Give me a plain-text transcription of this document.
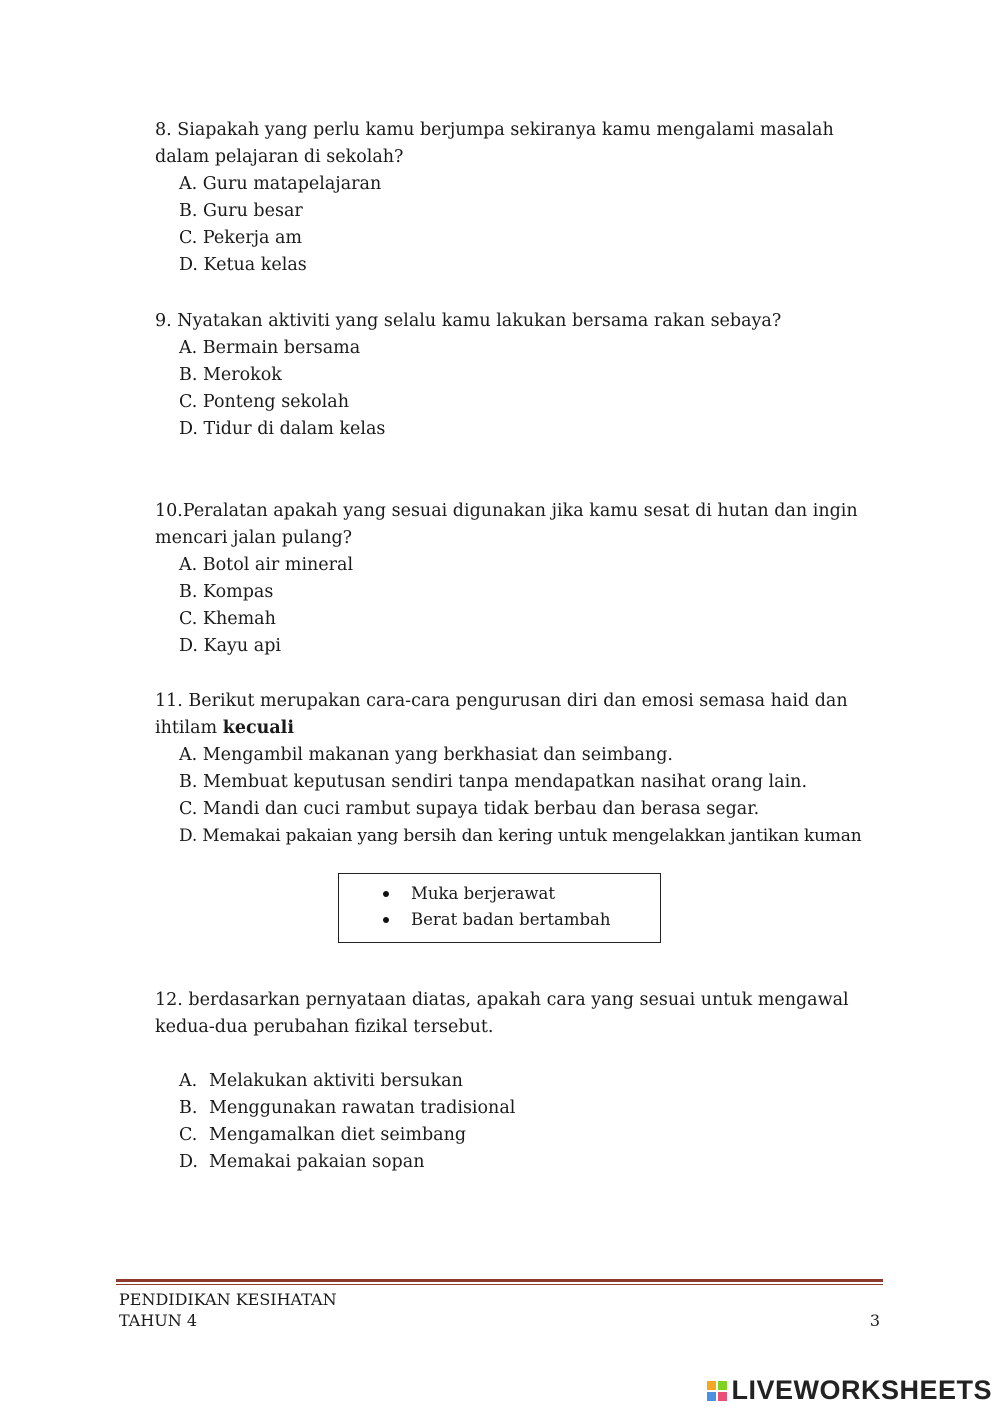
8. Siapakah yang perlu kamu berjumpa sekiranya kamu mengalami masalah dalam pelajaran di sekolah?

A. Guru matapelajaran

B. Guru besar

C. Pekerja am

D. Ketua kelas

9. Nyatakan aktiviti yang selalu kamu lakukan bersama rakan sebaya?

A. Bermain bersama

B. Merokok

C. Ponteng sekolah

D. Tidur di dalam kelas

10.Peralatan apakah yang sesuai digunakan jika kamu sesat di hutan dan ingin mencari jalan pulang?

A. Botol air mineral

B. Kompas

C. Khemah

D. Kayu api

11. Berikut merupakan cara-cara pengurusan diri dan emosi semasa haid dan ihtilam kecuali

A. Mengambil makanan yang berkhasiat dan seimbang.

B. Membuat keputusan sendiri tanpa mendapatkan nasihat orang lain.

C. Mandi dan cuci rambut supaya tidak berbau dan berasa segar.

D. Memakai pakaian yang bersih dan kering untuk mengelakkan jantikan kuman

Muka berjerawat
Berat badan bertambah

12. berdasarkan pernyataan diatas, apakah cara yang sesuai untuk mengawal kedua-dua perubahan fizikal tersebut.

A. Melakukan aktiviti bersukan

B. Menggunakan rawatan tradisional

C. Mengamalkan diet seimbang

D. Memakai pakaian sopan

PENDIDIKAN KESIHATAN
TAHUN 4	3
LIVEWORKSHEETS
